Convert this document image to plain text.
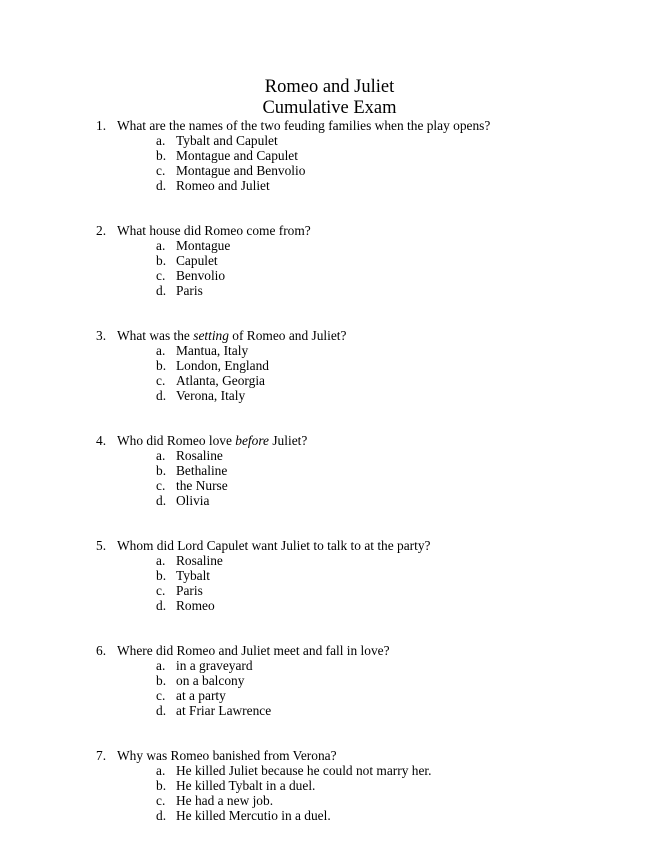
Romeo and Juliet
Cumulative Exam
1. What are the names of the two feuding families when the play opens?
a. Tybalt and Capulet
b. Montague and Capulet
c. Montague and Benvolio
d. Romeo and Juliet
2. What house did Romeo come from?
a. Montague
b. Capulet
c. Benvolio
d. Paris
3. What was the setting of Romeo and Juliet?
a. Mantua, Italy
b. London, England
c. Atlanta, Georgia
d. Verona, Italy
4. Who did Romeo love before Juliet?
a. Rosaline
b. Bethaline
c. the Nurse
d. Olivia
5. Whom did Lord Capulet want Juliet to talk to at the party?
a. Rosaline
b. Tybalt
c. Paris
d. Romeo
6. Where did Romeo and Juliet meet and fall in love?
a. in a graveyard
b. on a balcony
c. at a party
d. at Friar Lawrence
7. Why was Romeo banished from Verona?
a. He killed Juliet because he could not marry her.
b. He killed Tybalt in a duel.
c. He had a new job.
d. He killed Mercutio in a duel.
